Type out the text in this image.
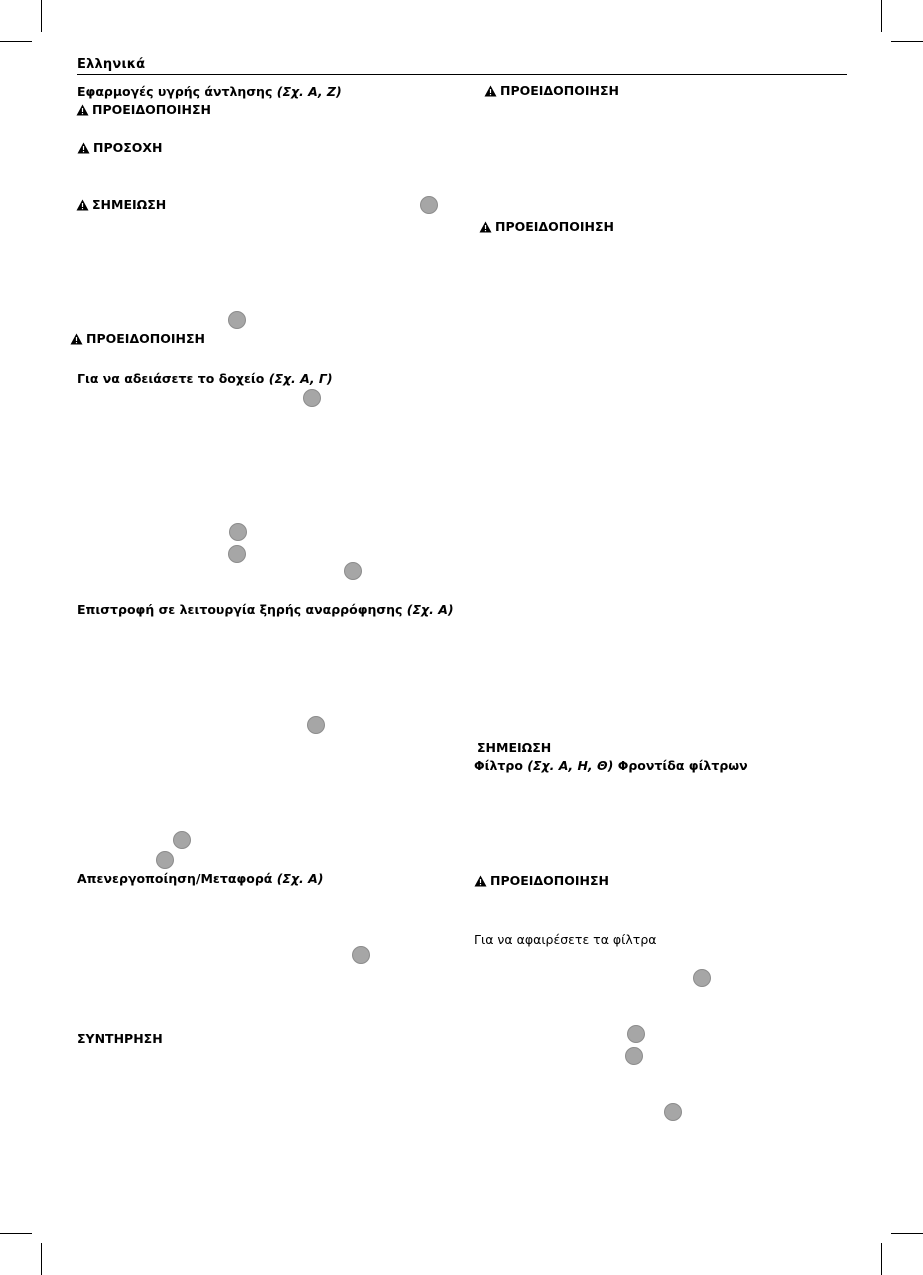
Ελληνικά
Εφαρμογές υγρής άντλησης (Σχ. Α, Ζ)
ΠΡΟΕΙΔΟΠΟΙΗΣΗ
ΠΡΟΣΟΧΗ
ΣΗΜΕΙΩΣΗ
ΠΡΟΕΙΔΟΠΟΙΗΣΗ
Για να αδειάσετε το δοχείο (Σχ. Α, Γ)
Επιστροφή σε λειτουργία ξηρής αναρρόφησης (Σχ. Α)
Απενεργοποίηση/Μεταφορά (Σχ. Α)
ΣΥΝΤΗΡΗΣΗ
ΠΡΟΕΙΔΟΠΟΙΗΣΗ
ΠΡΟΕΙΔΟΠΟΙΗΣΗ
ΣΗΜΕΙΩΣΗ
Φίλτρο (Σχ. Α, Η, Θ) Φροντίδα φίλτρων
ΠΡΟΕΙΔΟΠΟΙΗΣΗ
Για να αφαιρέσετε τα φίλτρα
